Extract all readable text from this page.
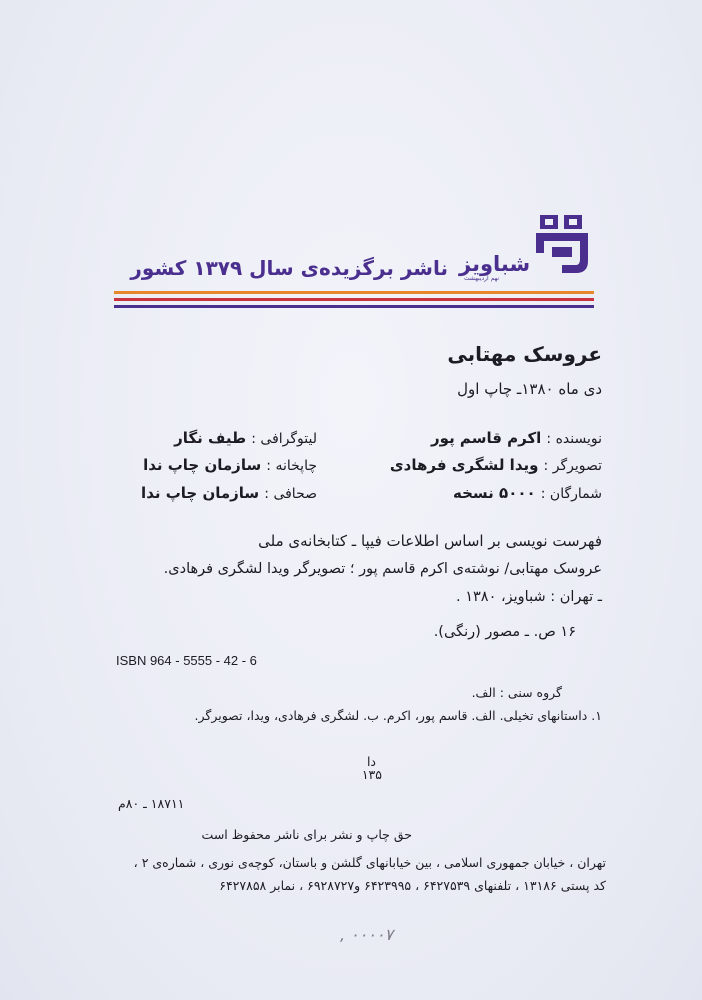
شباویز
نهم اردیبهشت
ناشر برگزیده‌ی سال ۱۳۷۹ کشور
عروسک مهتابی
دی ماه ۱۳۸۰ـ چاپ اول
نویسنده : اکرم قاسم پور
تصویرگر : ویدا لشگری فرهادی
شمارگان : ۵۰۰۰ نسخه
لیتوگرافی : طیف نگار
چاپخانه : سازمان چاپ ندا
صحافی : سازمان چاپ ندا
فهرست نویسی بر اساس اطلاعات فیپا ـ کتابخانه‌ی ملی
عروسک مهتابی/ نوشته‌ی اکرم قاسم پور ؛ تصویرگر ویدا لشگری فرهادی.
ـ تهران : شباویز، ۱۳۸۰ .
۱۶ ص. ـ مصور (رنگی).
ISBN 964 - 5555 - 42 - 6
گروه سنی : الف.
۱. داستانهای تخیلی. الف. قاسم پور، اکرم. ب. لشگری فرهادی، ویدا، تصویرگر.
دا
۱۳۵
۱۸۷۱۱ ـ ۸۰م
حق چاپ و نشر برای ناشر محفوظ است
تهران ، خیابان جمهوری اسلامی ، بین خیابانهای گلشن و باستان، کوچه‌ی نوری ، شماره‌ی ۲ ،
کد پستی ۱۳۱۸۶ ، تلفنهای ۶۴۲۷۵۳۹ ، ۶۴۲۳۹۹۵ و۶۹۲۸۷۲۷ ، نمابر ۶۴۲۷۸۵۸
۰۰۰۰۷ ,
